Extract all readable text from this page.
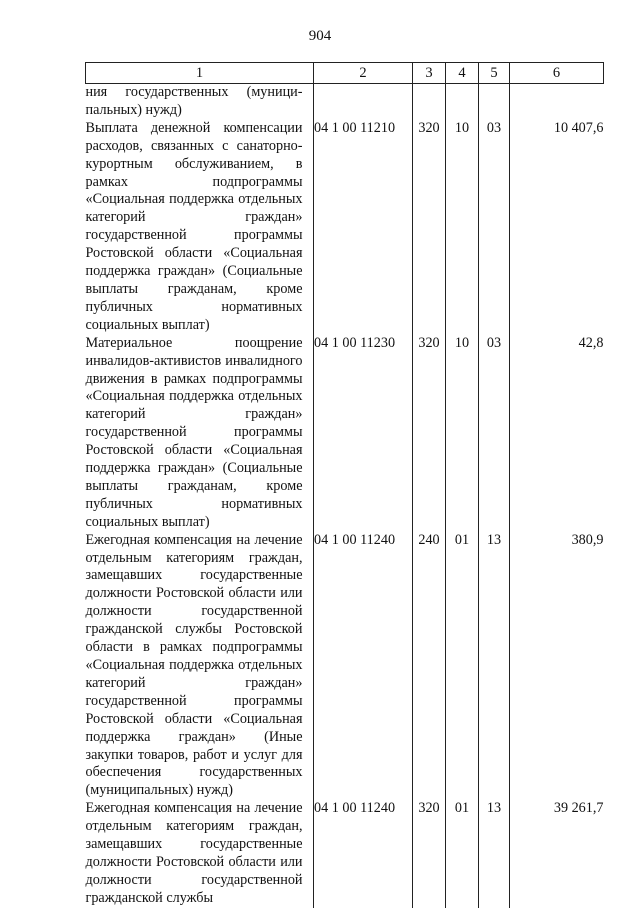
904
1	2	3	4	5	6

ния государственных (муници-пальных) нужд)					

Выплата денежной компенсации расходов, связанных с санаторно-курортным обслуживанием, в рамках подпрограммы «Социальная поддержка отдельных категорий граждан» государственной программы Ростовской области «Социальная поддержка граждан» (Социальные выплаты гражданам, кроме публичных нормативных социальных выплат)	04 1 00 11210	320	10	03	10 407,6

Материальное поощрение инвалидов-активистов инвалидного движения в рамках подпрограммы «Социальная поддержка отдельных категорий граждан» государственной программы Ростовской области «Социальная поддержка граждан» (Социальные выплаты гражданам, кроме публичных нормативных социальных выплат)	04 1 00 11230	320	10	03	42,8

Ежегодная компенсация на лечение отдельным категориям граждан, замещавших государственные должности Ростовской области или должности государственной гражданской службы Ростовской области в рамках подпрограммы «Социальная поддержка отдельных категорий граждан» государственной программы Ростовской области «Социальная поддержка граждан» (Иные закупки товаров, работ и услуг для обеспечения государственных (муниципальных) нужд)	04 1 00 11240	240	01	13	380,9

Ежегодная компенсация на лечение отдельным категориям граждан, замещавших государственные должности Ростовской области или должности государственной гражданской службы	04 1 00 11240	320	01	13	39 261,7
